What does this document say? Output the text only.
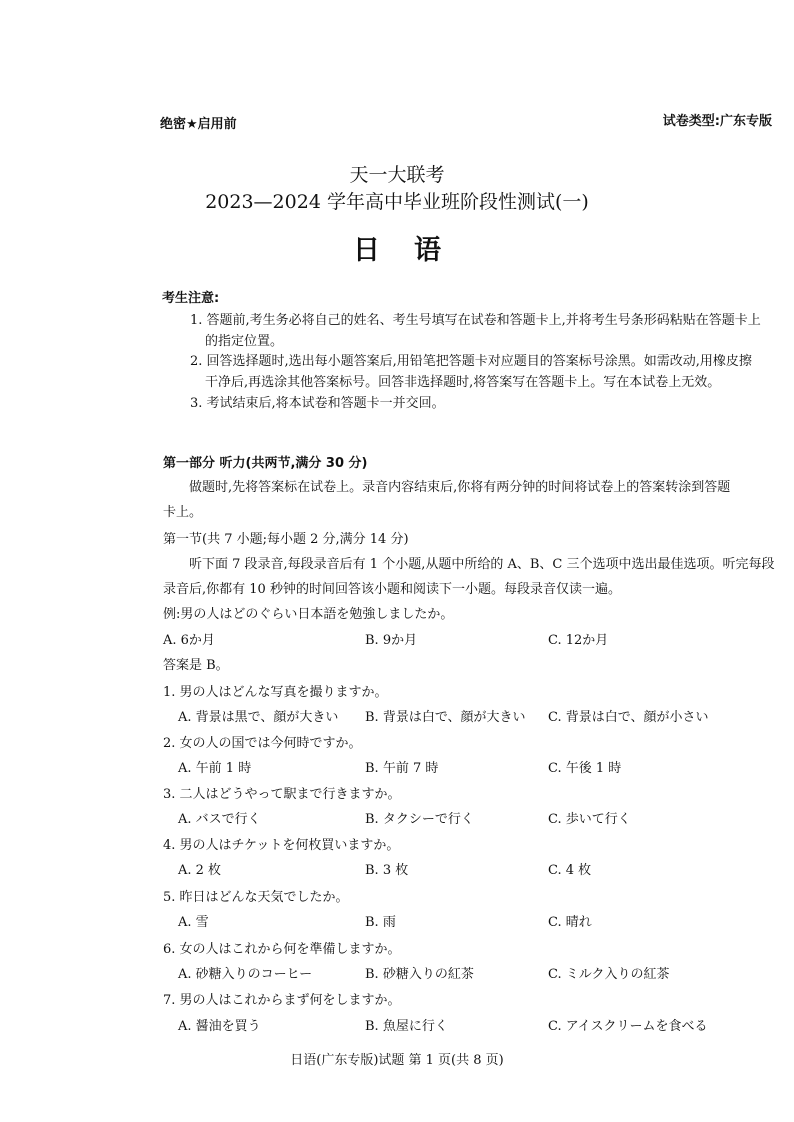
绝密★启用前	试卷类型:广东专版
天一大联考
2023—2024 学年高中毕业班阶段性测试(一)
日语
考生注意:
1. 答题前,考生务必将自己的姓名、考生号填写在试卷和答题卡上,并将考生号条形码粘贴在答题卡上
的指定位置。
2. 回答选择题时,选出每小题答案后,用铅笔把答题卡对应题目的答案标号涂黑。如需改动,用橡皮擦
干净后,再选涂其他答案标号。回答非选择题时,将答案写在答题卡上。写在本试卷上无效。
3. 考试结束后,将本试卷和答题卡一并交回。
第一部分 听力(共两节,满分 30 分)
做题时,先将答案标在试卷上。录音内容结束后,你将有两分钟的时间将试卷上的答案转涂到答题
卡上。
第一节(共 7 小题;每小题 2 分,满分 14 分)
听下面 7 段录音,每段录音后有 1 个小题,从题中所给的 A、B、C 三个选项中选出最佳选项。听完每段
录音后,你都有 10 秒钟的时间回答该小题和阅读下一小题。每段录音仅读一遍。
例:男の人はどのぐらい日本語を勉強しましたか。
A. 6か月	B. 9か月	C. 12か月
答案是 B。
1. 男の人はどんな写真を撮りますか。
A. 背景は黒で、顔が大きい B. 背景は白で、顔が大きい C. 背景は白で、顔が小さい
2. 女の人の国では今何時ですか。
A. 午前 1 時	B. 午前 7 時	C. 午後 1 時
3. 二人はどうやって駅まで行きますか。
A. バスで行く	B. タクシーで行く	C. 歩いて行く
4. 男の人はチケットを何枚買いますか。
A. 2 枚	B. 3 枚	C. 4 枚
5. 昨日はどんな天気でしたか。
A. 雪	B. 雨	C. 晴れ
6. 女の人はこれから何を準備しますか。
A. 砂糖入りのコーヒー	B. 砂糖入りの紅茶	C. ミルク入りの紅茶
7. 男の人はこれからまず何をしますか。
A. 醤油を買う	B. 魚屋に行く	C. アイスクリームを食べる
日语(广东专版)试题 第 1 页(共 8 页)
